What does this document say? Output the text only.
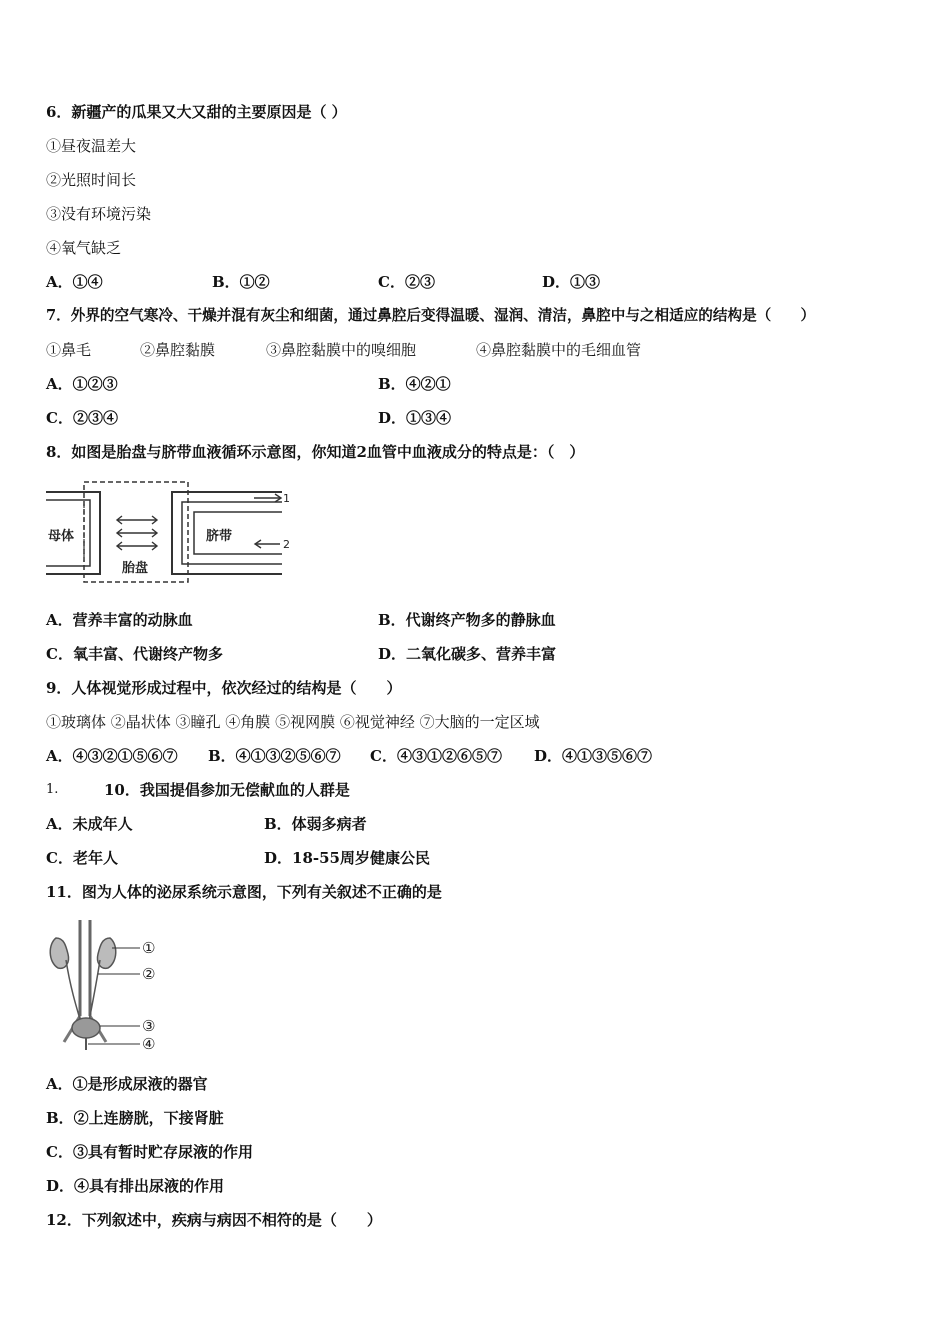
6．新疆产的瓜果又大又甜的主要原因是（ ）
①昼夜温差大
②光照时间长
③没有环境污染
④氧气缺乏
A．①④	B．①②	C．②③	D．①③
7．外界的空气寒冷、干燥并混有灰尘和细菌，通过鼻腔后变得温暖、湿润、清洁，鼻腔中与之相适应的结构是（　　）
①鼻毛	②鼻腔黏膜	③鼻腔黏膜中的嗅细胞	④鼻腔黏膜中的毛细血管
A．①②③	B．④②①
C．②③④	D．①③④
8．如图是胎盘与脐带血液循环示意图，你知道2血管中血液成分的特点是：（　）
母体	脐带
胎盘
1
2
A．营养丰富的动脉血	B．代谢终产物多的静脉血
C．氧丰富、代谢终产物多	D．二氧化碳多、营养丰富
9．人体视觉形成过程中，依次经过的结构是（　　）
①玻璃体 ②晶状体 ③瞳孔 ④角膜 ⑤视网膜 ⑥视觉神经 ⑦大脑的一定区域
A．④③②①⑤⑥⑦ B．④①③②⑤⑥⑦ C．④③①②⑥⑤⑦ D．④①③⑤⑥⑦
1.	10．我国提倡参加无偿献血的人群是
A．未成年人	B．体弱多病者
C．老年人	D．18-55周岁健康公民
11．图为人体的泌尿系统示意图，下列有关叙述不正确的是
①
②
③
④
A．①是形成尿液的器官
B．②上连膀胱，下接肾脏
C．③具有暂时贮存尿液的作用
D．④具有排出尿液的作用
12．下列叙述中，疾病与病因不相符的是（　　）
